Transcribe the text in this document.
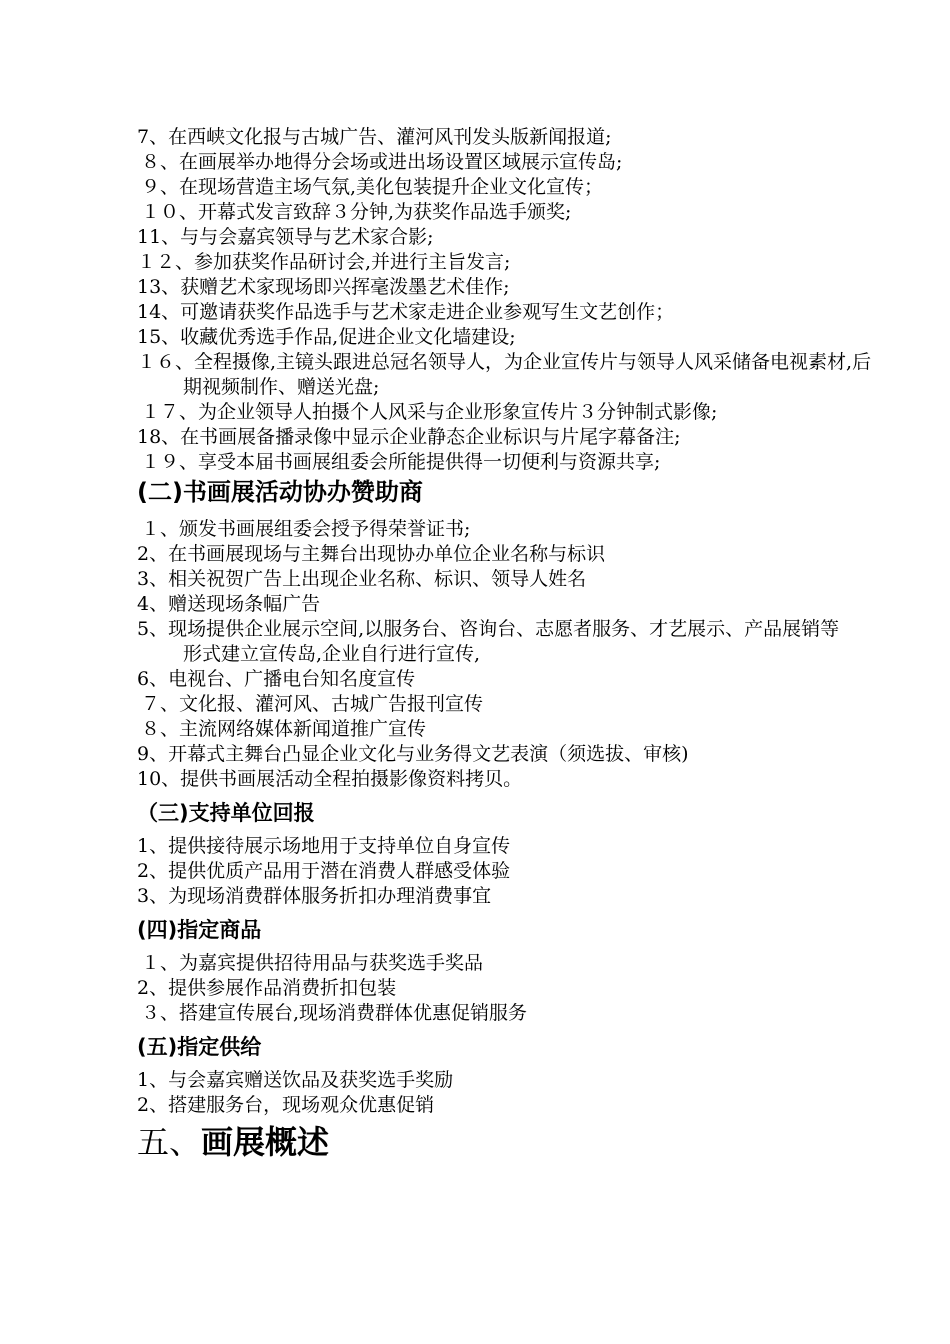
7、在西峡文化报与古城广告、灌河风刊发头版新闻报道;
８、在画展举办地得分会场或进出场设置区域展示宣传岛;
９、在现场营造主场气氛,美化包装提升企业文化宣传；
１０、开幕式发言致辞３分钟,为获奖作品选手颁奖;
11、与与会嘉宾领导与艺术家合影;
１２、参加获奖作品研讨会,并进行主旨发言;
13、获赠艺术家现场即兴挥毫泼墨艺术佳作;
14、可邀请获奖作品选手与艺术家走进企业参观写生文艺创作；
15、收藏优秀选手作品,促进企业文化墙建设;
１６、全程摄像,主镜头跟进总冠名领导人，为企业宣传片与领导人风采储备电视素材,后期视频制作、赠送光盘;
１７、为企业领导人拍摄个人风采与企业形象宣传片３分钟制式影像;
18、在书画展备播录像中显示企业静态企业标识与片尾字幕备注;
１９、享受本届书画展组委会所能提供得一切便利与资源共享;
(二)书画展活动协办赞助商
１、颁发书画展组委会授予得荣誉证书;
2、在书画展现场与主舞台出现协办单位企业名称与标识
3、相关祝贺广告上出现企业名称、标识、领导人姓名
4、赠送现场条幅广告
5、现场提供企业展示空间,以服务台、咨询台、志愿者服务、才艺展示、产品展销等形式建立宣传岛,企业自行进行宣传,
6、电视台、广播电台知名度宣传
７、文化报、灌河风、古城广告报刊宣传
８、主流网络媒体新闻道推广宣传
9、开幕式主舞台凸显企业文化与业务得文艺表演（须选拔、审核)
10、提供书画展活动全程拍摄影像资料拷贝。
（三)支持单位回报
1、提供接待展示场地用于支持单位自身宣传
2、提供优质产品用于潜在消费人群感受体验
3、为现场消费群体服务折扣办理消费事宜
(四)指定商品
１、为嘉宾提供招待用品与获奖选手奖品
2、提供参展作品消费折扣包装
３、搭建宣传展台,现场消费群体优惠促销服务
(五)指定供给
1、与会嘉宾赠送饮品及获奖选手奖励
2、搭建服务台，现场观众优惠促销
五、画展概述
